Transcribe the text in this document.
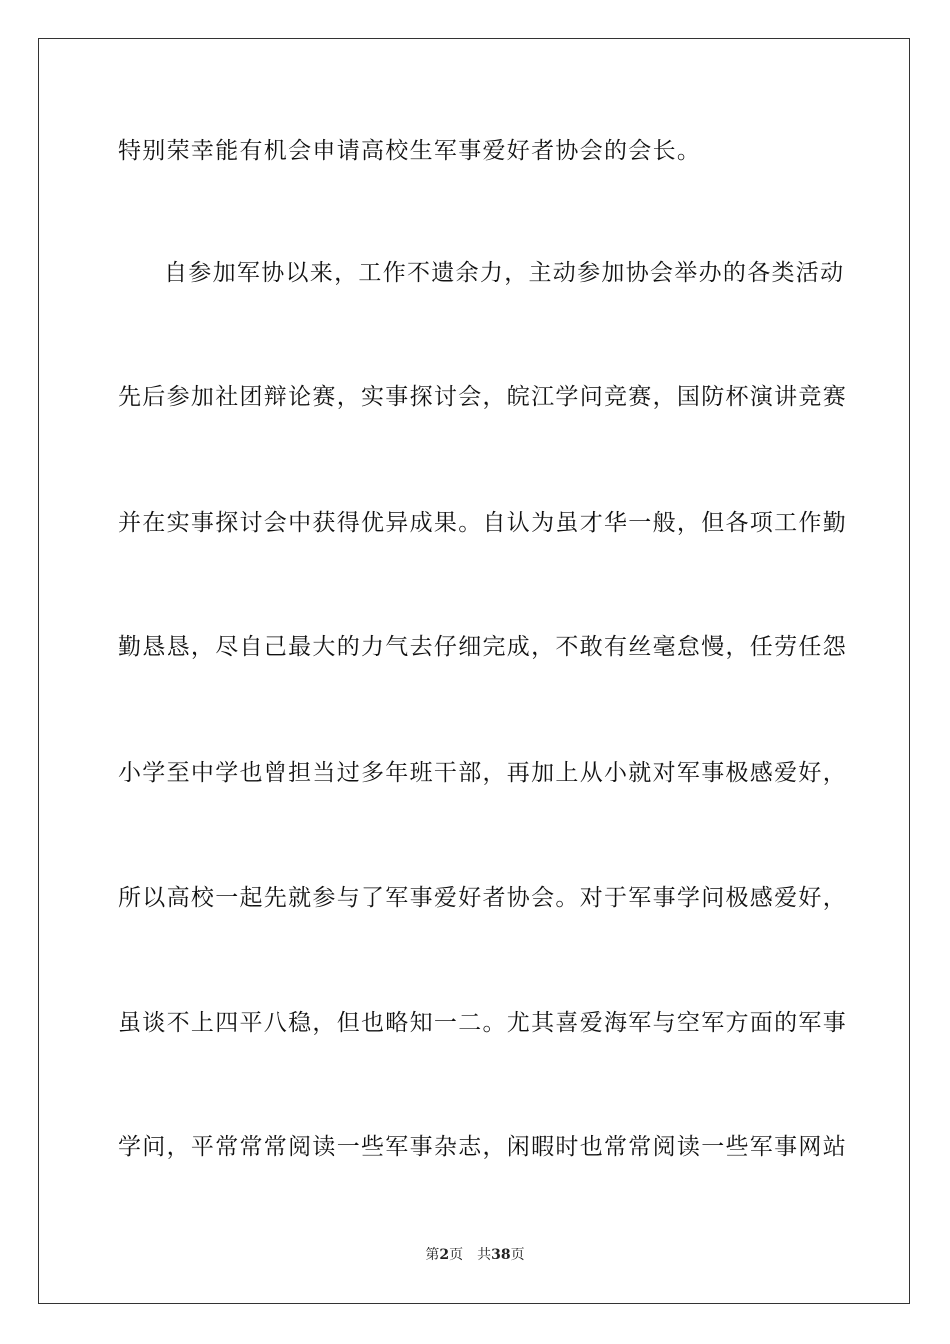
特别荣幸能有机会申请高校生军事爱好者协会的会长。
自参加军协以来，工作不遗余力，主动参加协会举办的各类活动
先后参加社团辩论赛，实事探讨会，皖江学问竞赛，国防杯演讲竞赛
并在实事探讨会中获得优异成果。自认为虽才华一般，但各项工作勤
勤恳恳，尽自己最大的力气去仔细完成，不敢有丝毫怠慢，任劳任怨
小学至中学也曾担当过多年班干部，再加上从小就对军事极感爱好，
所以高校一起先就参与了军事爱好者协会。对于军事学问极感爱好，
虽谈不上四平八稳，但也略知一二。尤其喜爱海军与空军方面的军事
学问，平常常常阅读一些军事杂志，闲暇时也常常阅读一些军事网站
第2页 共38页
